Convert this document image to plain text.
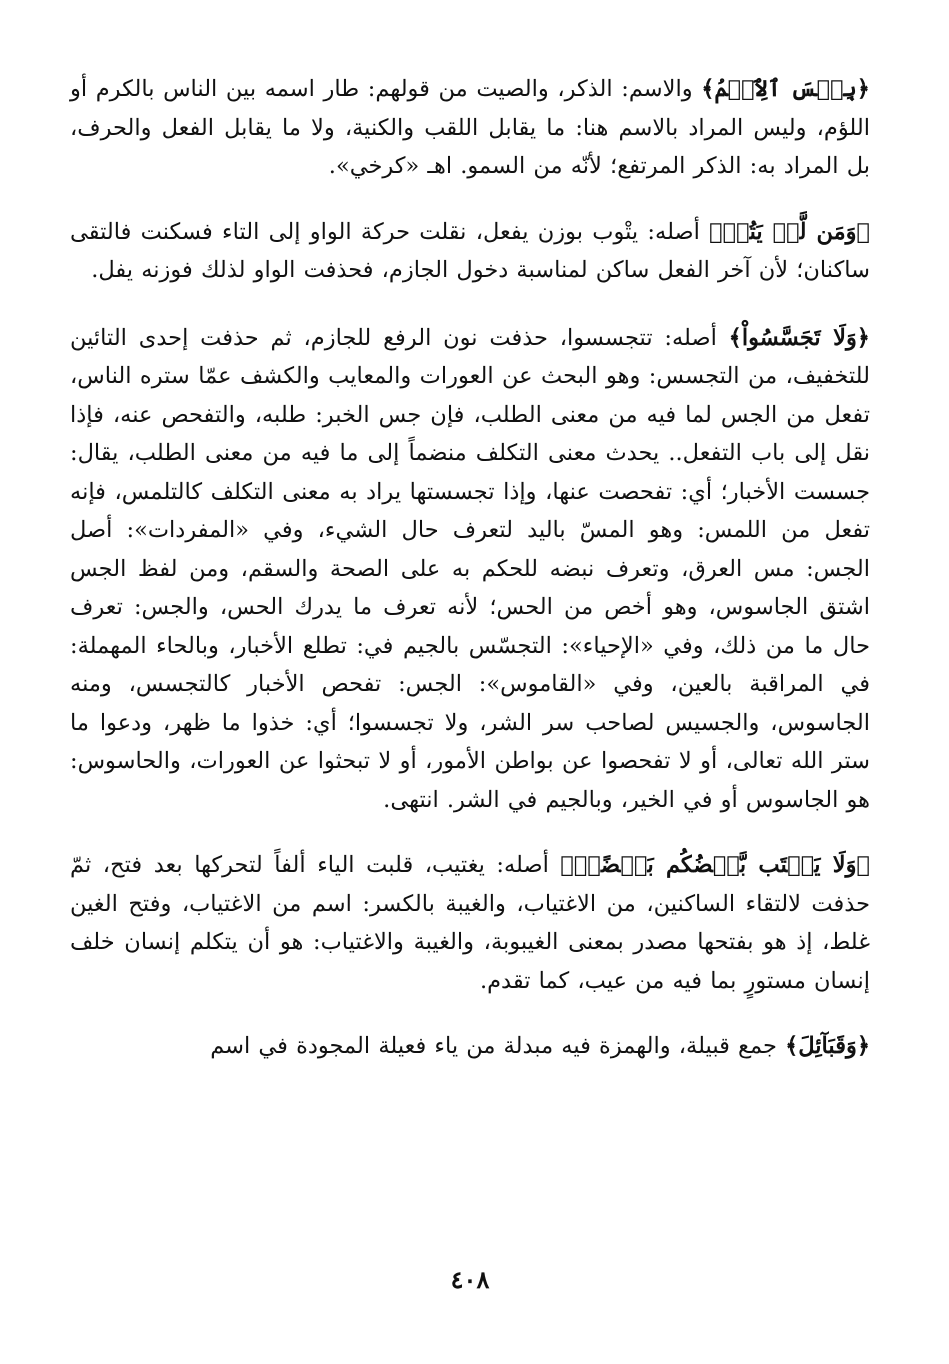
﴿بِئۡسَ ٱلِٱسۡمُ﴾ والاسم: الذكر، والصيت من قولهم: طار اسمه بين الناس بالكرم أو اللؤم، وليس المراد بالاسم هنا: ما يقابل اللقب والكنية، ولا ما يقابل الفعل والحرف، بل المراد به: الذكر المرتفع؛ لأنّه من السمو. اهـ «كرخي».

﴿وَمَن لَّمۡ يَتُبۡ﴾ أصله: يتْوب بوزن يفعل، نقلت حركة الواو إلى التاء فسكنت فالتقى ساكنان؛ لأن آخر الفعل ساكن لمناسبة دخول الجازم، فحذفت الواو لذلك فوزنه يفل.

﴿وَلَا تَجَسَّسُواْ﴾ أصله: تتجسسوا، حذفت نون الرفع للجازم، ثم حذفت إحدى التائين للتخفيف، من التجسس: وهو البحث عن العورات والمعايب والكشف عمّا ستره الناس، تفعل من الجس لما فيه من معنى الطلب، فإن جس الخبر: طلبه، والتفحص عنه، فإذا نقل إلى باب التفعل.. يحدث معنى التكلف منضماً إلى ما فيه من معنى الطلب، يقال: جسست الأخبار؛ أي: تفحصت عنها، وإذا تجسستها يراد به معنى التكلف كالتلمس، فإنه تفعل من اللمس: وهو المسّ باليد لتعرف حال الشيء، وفي «المفردات»: أصل الجس: مس العرق، وتعرف نبضه للحكم به على الصحة والسقم، ومن لفظ الجس اشتق الجاسوس، وهو أخص من الحس؛ لأنه تعرف ما يدرك الحس، والجس: تعرف حال ما من ذلك، وفي «الإحياء»: التجسّس بالجيم في: تطلع الأخبار، وبالحاء المهملة: في المراقبة بالعين، وفي «القاموس»: الجس: تفحص الأخبار كالتجسس، ومنه الجاسوس، والجسيس لصاحب سر الشر، ولا تجسسوا؛ أي: خذوا ما ظهر، ودعوا ما ستر الله تعالى، أو لا تفحصوا عن بواطن الأمور، أو لا تبحثوا عن العورات، والحاسوس: هو الجاسوس أو في الخير، وبالجيم في الشر. انتهى.

﴿وَلَا يَغۡتَب بَّعۡضُكُم بَعۡضًاۚ﴾ أصله: يغتيب، قلبت الياء ألفاً لتحركها بعد فتح، ثمّ حذفت لالتقاء الساكنين، من الاغتياب، والغيبة بالكسر: اسم من الاغتياب، وفتح الغين غلط، إذ هو بفتحها مصدر بمعنى الغيبوبة، والغيبة والاغتياب: هو أن يتكلم إنسان خلف إنسان مستورٍ بما فيه من عيب، كما تقدم.

﴿وَقَبَآئِلَ﴾ جمع قبيلة، والهمزة فيه مبدلة من ياء فعيلة المجودة في اسم

٤٠٨
